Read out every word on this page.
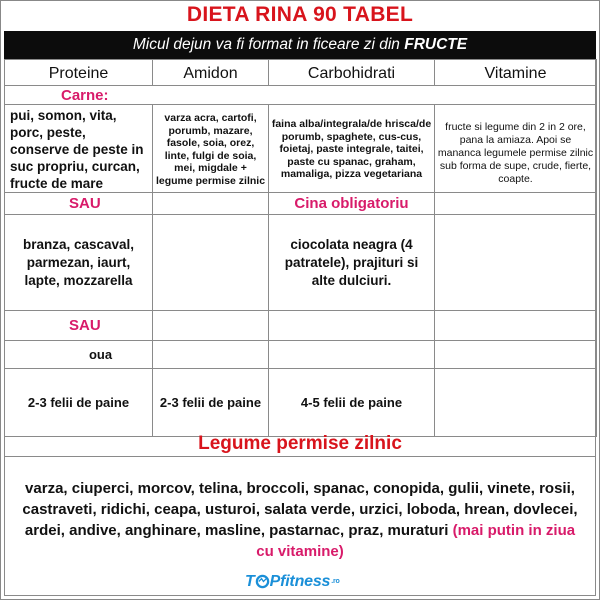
DIETA RINA 90 TABEL
Micul dejun va fi format in ficeare zi din FRUCTE
Proteine	Amidon	Carbohidrati	Vitamine
Carne:			
pui, somon, vita, porc, peste, conserve de peste in suc propriu, curcan, fructe de mare	varza acra, cartofi, porumb, mazare, fasole, soia, orez, linte, fulgi de soia, mei, migdale + legume permise zilnic	faina alba/integrala/de hrisca/de porumb, spaghete, cus-cus, foietaj, paste integrale, taitei, paste cu spanac, graham, mamaliga, pizza vegetariana	fructe si legume din 2 in 2 ore, pana la amiaza. Apoi se mananca legumele permise zilnic sub forma de supe, crude, fierte, coapte.
SAU		Cina obligatoriu	
branza, cascaval, parmezan, iaurt, lapte, mozzarella		ciocolata neagra (4 patratele), prajituri si alte dulciuri.	
SAU			
oua			
2-3 felii de paine	2-3 felii de paine	4-5 felii de paine	
Legume permise zilnic
varza, ciuperci, morcov, telina, broccoli, spanac, conopida, gulii, vinete, rosii, castraveti, ridichi, ceapa, usturoi, salata verde, urzici, loboda, hrean, dovlecei, ardei, andive, anghinare, masline, pastarnac, praz, muraturi (mai putin in ziua cu vitamine)
T Pfitness.ro
